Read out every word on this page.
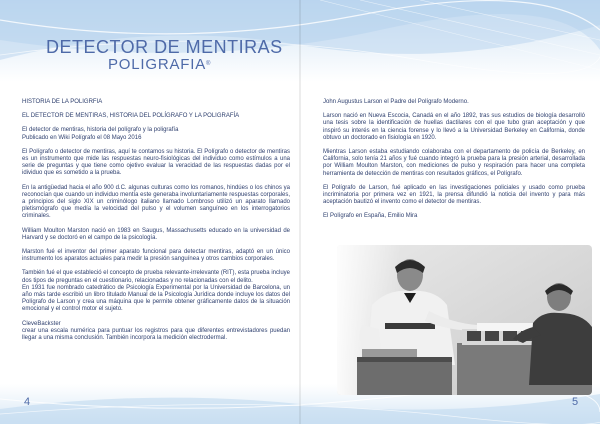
DETECTOR DE MENTIRAS
POLIGRAFIA®

HISTORIA DE LA POLIGRFIA

EL DETECTOR DE MENTIRAS, HISTORIA DEL POLÍGRAFO Y LA POLIGRAFÍA

El detector de mentiras, historia del polígrafo y la poligrafía

Publicado en Wiki Polígrafo el 08 Mayo 2016

El Polígrafo o detector de mentiras, aquí te contamos su historia. El Polígrafo o detector de mentiras es un instrumento que mide las respuestas neuro-fisiológicas del individuo como estímulos a una serie de preguntas y que tiene como ojetivo evaluar la veracidad de las respuestas dadas por el idividuo que es sometido a la prueba.

En la antigüedad hacia el año 900 d.C. algunas culturas como los romanos, hindúes o los chinos ya reconocían que cuando un individuo mentía este generaba involuntariamente respuestas corporales, a principios del siglo XIX un criminólogo italiano llamado Lombroso utilizó un aparato llamado pletismógrafo que medía la velocidad del pulso y el volumen sanguíneo en los interrogatorios criminales.

William Moulton Marston nació en 1983 en Saugus, Massachusetts educado en la universidad de Harvard y se doctoró en el campo de la psicología.

Marston fué el inventor del primer aparato funcional para detectar mentiras, adaptó en un único instrumento los aparatos actuales para medir la presión sanguínea y otros cambios corporales.

También fué el que estableció el concepto de prueba relevante-irrelevante (RIT), esta prueba incluye dos tipos de preguntas en el cuestionario, relacionadas y no relacionadas con el delito.

En 1931 fue nombrado catedrático de Psicología Experimental por la Universidad de Barcelona, un año más tarde escribió un libro titulado Manual de la Psicología Jurídica donde incluye los datos del Polígrafo de Larson y crea una máquina que le permite obtener gráficamente datos de la situación emocional y el control motor el sujeto.

CleveBackster

crear una escala numérica para puntuar los registros para que diferentes entrevistadores puedan llegar a una misma conclusión. También incorpora la medición electrodermal.

John Augustus Larson el Padre del Polígrafo Moderno.

Larson nació en Nueva Escocia, Canadá en el año 1892, tras sus estudios de biología desarrolló una tesis sobre la identificación de huellas dactilares con el que tubo gran aceptación y que inspiró su interés en la ciencia forense y lo llevó a la Universidad Berkeley en California, donde obtuvo un doctorado en fisiología en 1920.

Mientras Larson estaba estudiando colaboraba con el departamento de policía de Berkeley, en California, solo tenía 21 años y fué cuando integró la prueba para la presión arterial, desarrollada por William Moulton Marston, con mediciones de pulso y respiración para hacer una completa herramienta de detección de mentiras con resultados gráficos, el Polígrafo.

El Polígrafo de Larson, fué aplicado en las investigaciones policiales y usado como prueba incriminatoria por primera vez en 1921, la prensa difundió la noticia del invento y para más aceptación bautizó el invento como el detector de mentiras.

El Polígrafo en España, Emilio Mira

4	5
